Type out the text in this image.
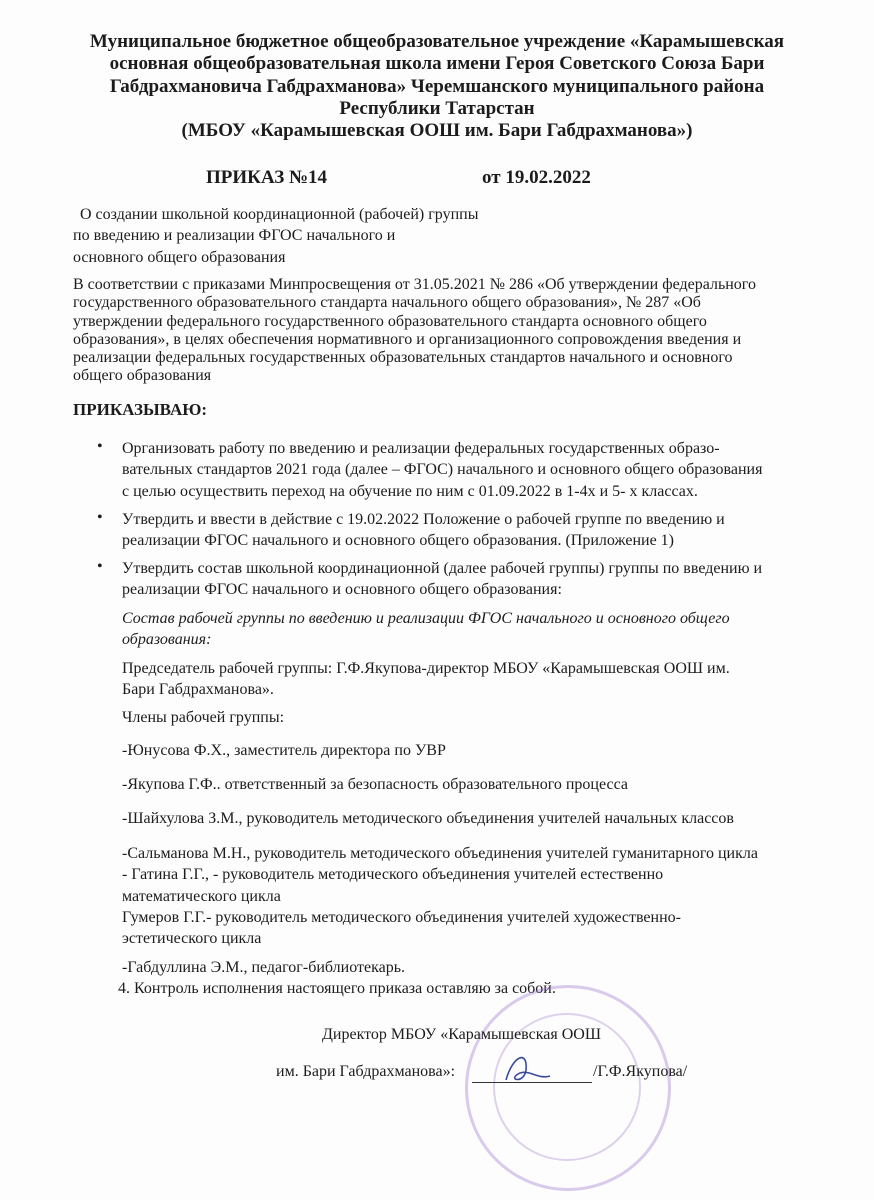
Муниципальное бюджетное общеобразовательное учреждение «Карамышевская
основная общеобразовательная школа имени Героя Советского Союза Бари
Габдрахмановича Габдрахманова» Черемшанского муниципального района
Республики Татарстан
(МБОУ «Карамышевская ООШ им. Бари Габдрахманова»)
ПРИКАЗ №14	от 19.02.2022
О создании школьной координационной (рабочей) группы
по введению и реализации ФГОС начального и
основного общего образования
В соответствии с приказами Минпросвещения от 31.05.2021 № 286 «Об утверждении федерального
государственного образовательного стандарта начального общего образования», № 287 «Об
утверждении федерального государственного образовательного стандарта основного общего
образования», в целях обеспечения нормативного и организационного сопровождения введения и
реализации федеральных государственных образовательных стандартов начального и основного
общего образования
ПРИКАЗЫВАЮ:
• Организовать работу по введению и реализации федеральных государственных образо-
вательных стандартов 2021 года (далее – ФГОС) начального и основного общего образования
с целью осуществить переход на обучение по ним с 01.09.2022 в 1-4х и 5- х классах.
• Утвердить и ввести в действие с 19.02.2022 Положение о рабочей группе по введению и
реализации ФГОС начального и основного общего образования. (Приложение 1)
• Утвердить состав школьной координационной (далее рабочей группы) группы по введению и
реализации ФГОС начального и основного общего образования:
Состав рабочей группы по введению и реализации ФГОС начального и основного общего
образования:
Председатель рабочей группы: Г.Ф.Якупова-директор МБОУ «Карамышевская ООШ им.
Бари Габдрахманова».
Члены рабочей группы:
-Юнусова Ф.Х., заместитель директора по УВР
-Якупова Г.Ф.. ответственный за безопасность образовательного процесса
-Шайхулова З.М., руководитель методического объединения учителей начальных классов
-Сальманова М.Н., руководитель методического объединения учителей гуманитарного цикла
- Гатина Г.Г., - руководитель методического объединения учителей естественно
математического цикла
Гумеров Г.Г.- руководитель методического объединения учителей художественно-
эстетического цикла
-Габдуллина Э.М., педагог-библиотекарь.
4. Контроль исполнения настоящего приказа оставляю за собой.
Директор МБОУ «Карамышевская ООШ
им. Бари Габдрахманова»:	/Г.Ф.Якупова/
